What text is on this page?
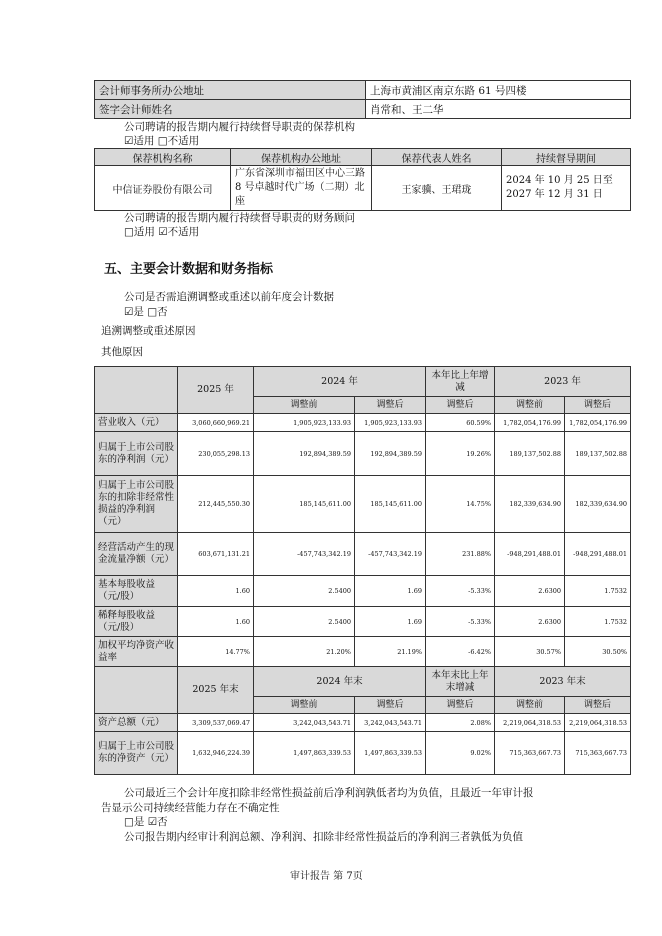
会计师事务所办公地址	上海市黄浦区南京东路 61 号四楼
签字会计师姓名	肖常和、王二华
公司聘请的报告期内履行持续督导职责的保荐机构
☑适用 □不适用
保荐机构名称	保荐机构办公地址	保荐代表人姓名	持续督导期间
中信证券股份有限公司	广东省深圳市福田区中心三路 8 号卓越时代广场（二期）北座	王家骥、王珺珑	2024 年 10 月 25 日至
2027 年 12 月 31 日
公司聘请的报告期内履行持续督导职责的财务顾问
□适用 ☑不适用
五、主要会计数据和财务指标
公司是否需追溯调整或重述以前年度会计数据
☑是 □否
追溯调整或重述原因
其他原因
	2025 年	2024 年		本年比上年增减	2023 年	
		调整前	调整后	调整后	调整前	调整后
营业收入（元）	3,060,660,969.21	1,905,923,133.93	1,905,923,133.93	60.59%	1,782,054,176.99	1,782,054,176.99
归属于上市公司股东的净利润（元）	230,055,298.13	192,894,389.59	192,894,389.59	19.26%	189,137,502.88	189,137,502.88
归属于上市公司股东的扣除非经常性损益的净利润（元）	212,445,550.30	185,145,611.00	185,145,611.00	14.75%	182,339,634.90	182,339,634.90
经营活动产生的现金流量净额（元）	603,671,131.21	-457,743,342.19	-457,743,342.19	231.88%	-948,291,488.01	-948,291,488.01
基本每股收益（元/股）	1.60	2.5400	1.69	-5.33%	2.6300	1.7532
稀释每股收益（元/股）	1.60	2.5400	1.69	-5.33%	2.6300	1.7532
加权平均净资产收益率	14.77%	21.20%	21.19%	-6.42%	30.57%	30.50%
	2025 年末	2024 年末		本年末比上年末增减	2023 年末	
		调整前	调整后	调整后	调整前	调整后
资产总额（元）	3,309,537,069.47	3,242,043,543.71	3,242,043,543.71	2.08%	2,219,064,318.53	2,219,064,318.53
归属于上市公司股东的净资产（元）	1,632,946,224.39	1,497,863,339.53	1,497,863,339.53	9.02%	715,363,667.73	715,363,667.73
公司最近三个会计年度扣除非经常性损益前后净利润孰低者均为负值，且最近一年审计报
告显示公司持续经营能力存在不确定性
□是 ☑否
公司报告期内经审计利润总额、净利润、扣除非经常性损益后的净利润三者孰低为负值
审计报告 第 7页
